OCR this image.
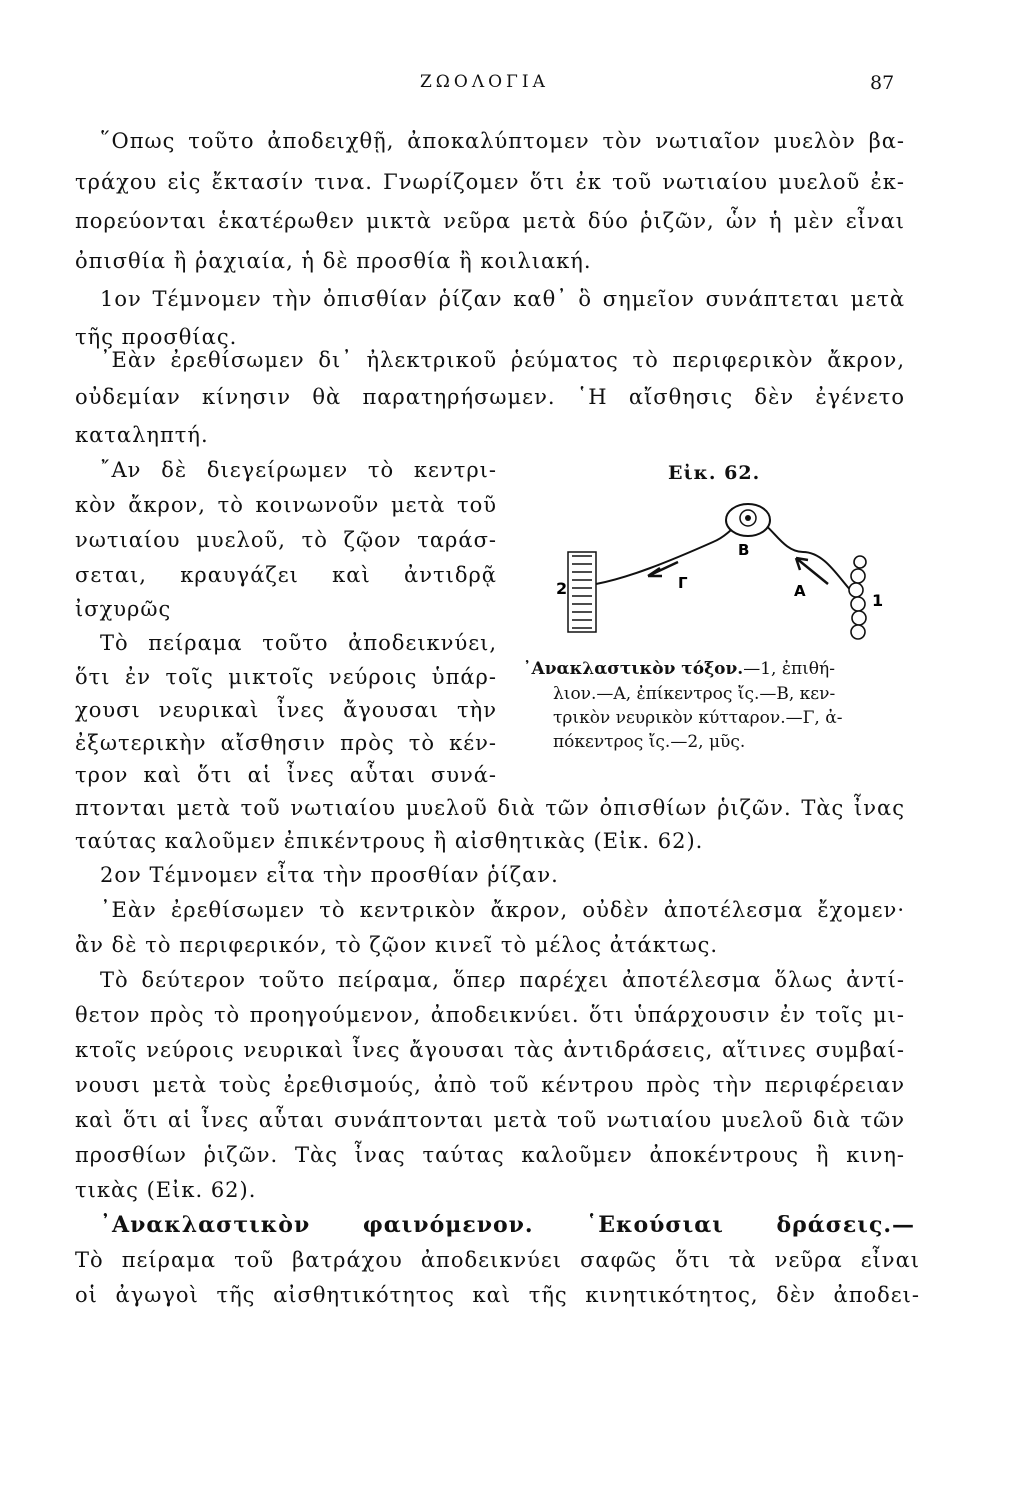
ΖΩΟΛΟΓΙΑ	87
῞Οπως τοῦτο ἀποδειχθῇ, ἀποκαλύπτομεν τὸν νωτιαῖον μυελὸν βα-
τράχου εἰς ἔκτασίν τινα. Γνωρίζομεν ὅτι ἐκ τοῦ νωτιαίου μυελοῦ ἐκ-
πορεύονται ἑκατέρωθεν μικτὰ νεῦρα μετὰ δύο ῥιζῶν, ὧν ἡ μὲν εἶναι
ὀπισθία ἢ ῥαχιαία, ἡ δὲ προσθία ἢ κοιλιακή.
1ον Τέμνομεν τὴν ὀπισθίαν ῥίζαν καθ᾽ ὃ σημεῖον συνάπτεται μετὰ
τῆς προσθίας.
᾿Εὰν ἐρεθίσωμεν δι᾽ ἠλεκτρικοῦ ῥεύματος τὸ περιφερικὸν ἄκρον,
οὐδεμίαν κίνησιν θὰ παρατηρήσωμεν. ῾Η αἴσθησις δὲν ἐγένετο
καταληπτή.
῎Αν δὲ διεγείρωμεν τὸ κεντρι-
κὸν ἄκρον, τὸ κοινωνοῦν μετὰ τοῦ
νωτιαίου μυελοῦ, τὸ ζῷον ταράσ-
σεται, κραυγάζει καὶ ἀντιδρᾷ
ἰσχυρῶς
Τὸ πείραμα τοῦτο ἀποδεικνύει,
ὅτι ἐν τοῖς μικτοῖς νεύροις ὑπάρ-
χουσι νευρικαὶ ἶνες ἄγουσαι τὴν
ἐξωτερικὴν αἴσθησιν πρὸς τὸ κέν-
τρον καὶ ὅτι αἱ ἶνες αὗται συνά-
πτονται μετὰ τοῦ νωτιαίου μυελοῦ διὰ τῶν ὀπισθίων ῥιζῶν. Τὰς ἶνας
ταύτας καλοῦμεν ἐπικέντρους ἢ αἰσθητικὰς (Εἰκ. 62).
2ον Τέμνομεν εἶτα τὴν προσθίαν ῥίζαν.
᾿Εὰν ἐρεθίσωμεν τὸ κεντρικὸν ἄκρον, οὐδὲν ἀποτέλεσμα ἔχομεν·
ἂν δὲ τὸ περιφερικόν, τὸ ζῷον κινεῖ τὸ μέλος ἀτάκτως.
Τὸ δεύτερον τοῦτο πείραμα, ὅπερ παρέχει ἀποτέλεσμα ὅλως ἀντί-
θετον πρὸς τὸ προηγούμενον, ἀποδεικνύει. ὅτι ὑπάρχουσιν ἐν τοῖς μι-
κτοῖς νεύροις νευρικαὶ ἶνες ἄγουσαι τὰς ἀντιδράσεις, αἵτινες συμβαί-
νουσι μετὰ τοὺς ἐρεθισμούς, ἀπὸ τοῦ κέντρου πρὸς τὴν περιφέρειαν
καὶ ὅτι αἱ ἶνες αὗται συνάπτονται μετὰ τοῦ νωτιαίου μυελοῦ διὰ τῶν
προσθίων ῥιζῶν. Τὰς ἶνας ταύτας καλοῦμεν ἀποκέντρους ἢ κινη-
τικὰς (Εἰκ. 62).
᾿Ανακλαστικὸν φαινόμενον. ῾Εκούσιαι δράσεις.—
Τὸ πείραμα τοῦ βατράχου ἀποδεικνύει σαφῶς ὅτι τὰ νεῦρα εἶναι
οἱ ἀγωγοὶ τῆς αἰσθητικότητος καὶ τῆς κινητικότητος, δὲν ἀποδει-
Εἰκ. 62.
2
Β
Γ	Α	1
᾿Ανακλαστικὸν τόξον.—1, ἐπιθή-
λιον.—Α, ἐπίκεντρος ἴς.—Β, κεν-
τρικὸν νευρικὸν κύτταρον.—Γ, ἀ-
πόκεντρος ἴς.—2, μῦς.
